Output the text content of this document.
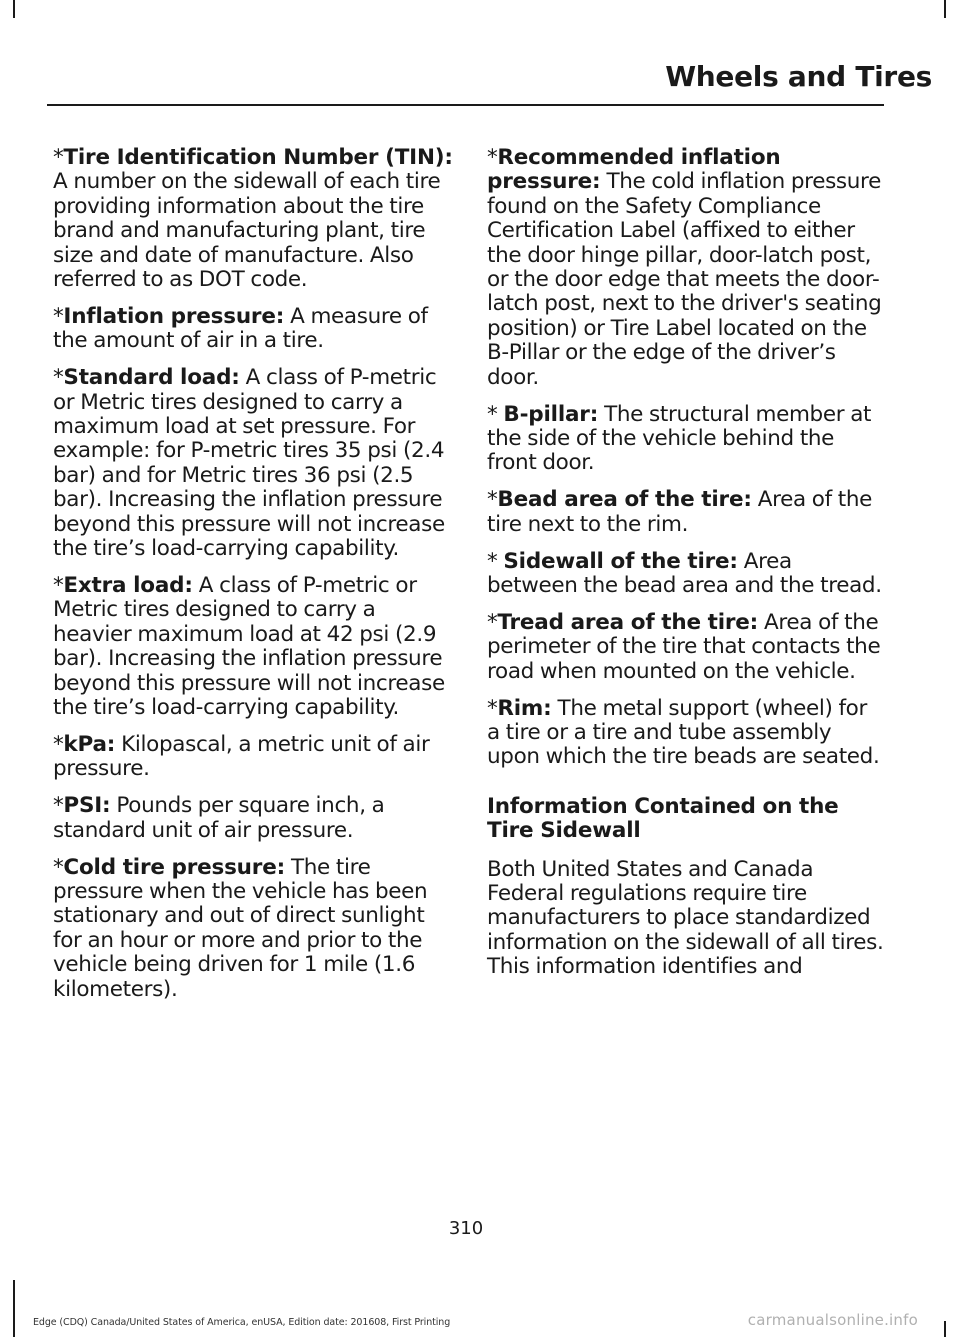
Wheels and Tires

*Tire Identification Number (TIN): A number on the sidewall of each tire providing information about the tire brand and manufacturing plant, tire size and date of manufacture. Also referred to as DOT code.

*Inflation pressure: A measure of the amount of air in a tire.

*Standard load: A class of P-metric or Metric tires designed to carry a maximum load at set pressure. For example: for P-metric tires 35 psi (2.4 bar) and for Metric tires 36 psi (2.5 bar). Increasing the inflation pressure beyond this pressure will not increase the tire’s load-carrying capability.

*Extra load: A class of P-metric or Metric tires designed to carry a heavier maximum load at 42 psi (2.9 bar). Increasing the inflation pressure beyond this pressure will not increase the tire’s load-carrying capability.

*kPa: Kilopascal, a metric unit of air pressure.

*PSI: Pounds per square inch, a standard unit of air pressure.

*Cold tire pressure: The tire pressure when the vehicle has been stationary and out of direct sunlight for an hour or more and prior to the vehicle being driven for 1 mile (1.6 kilometers).

*Recommended inflation pressure: The cold inflation pressure found on the Safety Compliance Certification Label (affixed to either the door hinge pillar, door-latch post, or the door edge that meets the door-latch post, next to the driver's seating position) or Tire Label located on the B-Pillar or the edge of the driver’s door.

* B-pillar: The structural member at the side of the vehicle behind the front door.

*Bead area of the tire: Area of the tire next to the rim.

* Sidewall of the tire: Area between the bead area and the tread.

*Tread area of the tire: Area of the perimeter of the tire that contacts the road when mounted on the vehicle.

*Rim: The metal support (wheel) for a tire or a tire and tube assembly upon which the tire beads are seated.

Information Contained on the Tire Sidewall

Both United States and Canada Federal regulations require tire manufacturers to place standardized information on the sidewall of all tires. This information identifies and

310
Edge (CDQ) Canada/United States of America, enUSA, Edition date: 201608, First Printing	carmanualsonline.info
